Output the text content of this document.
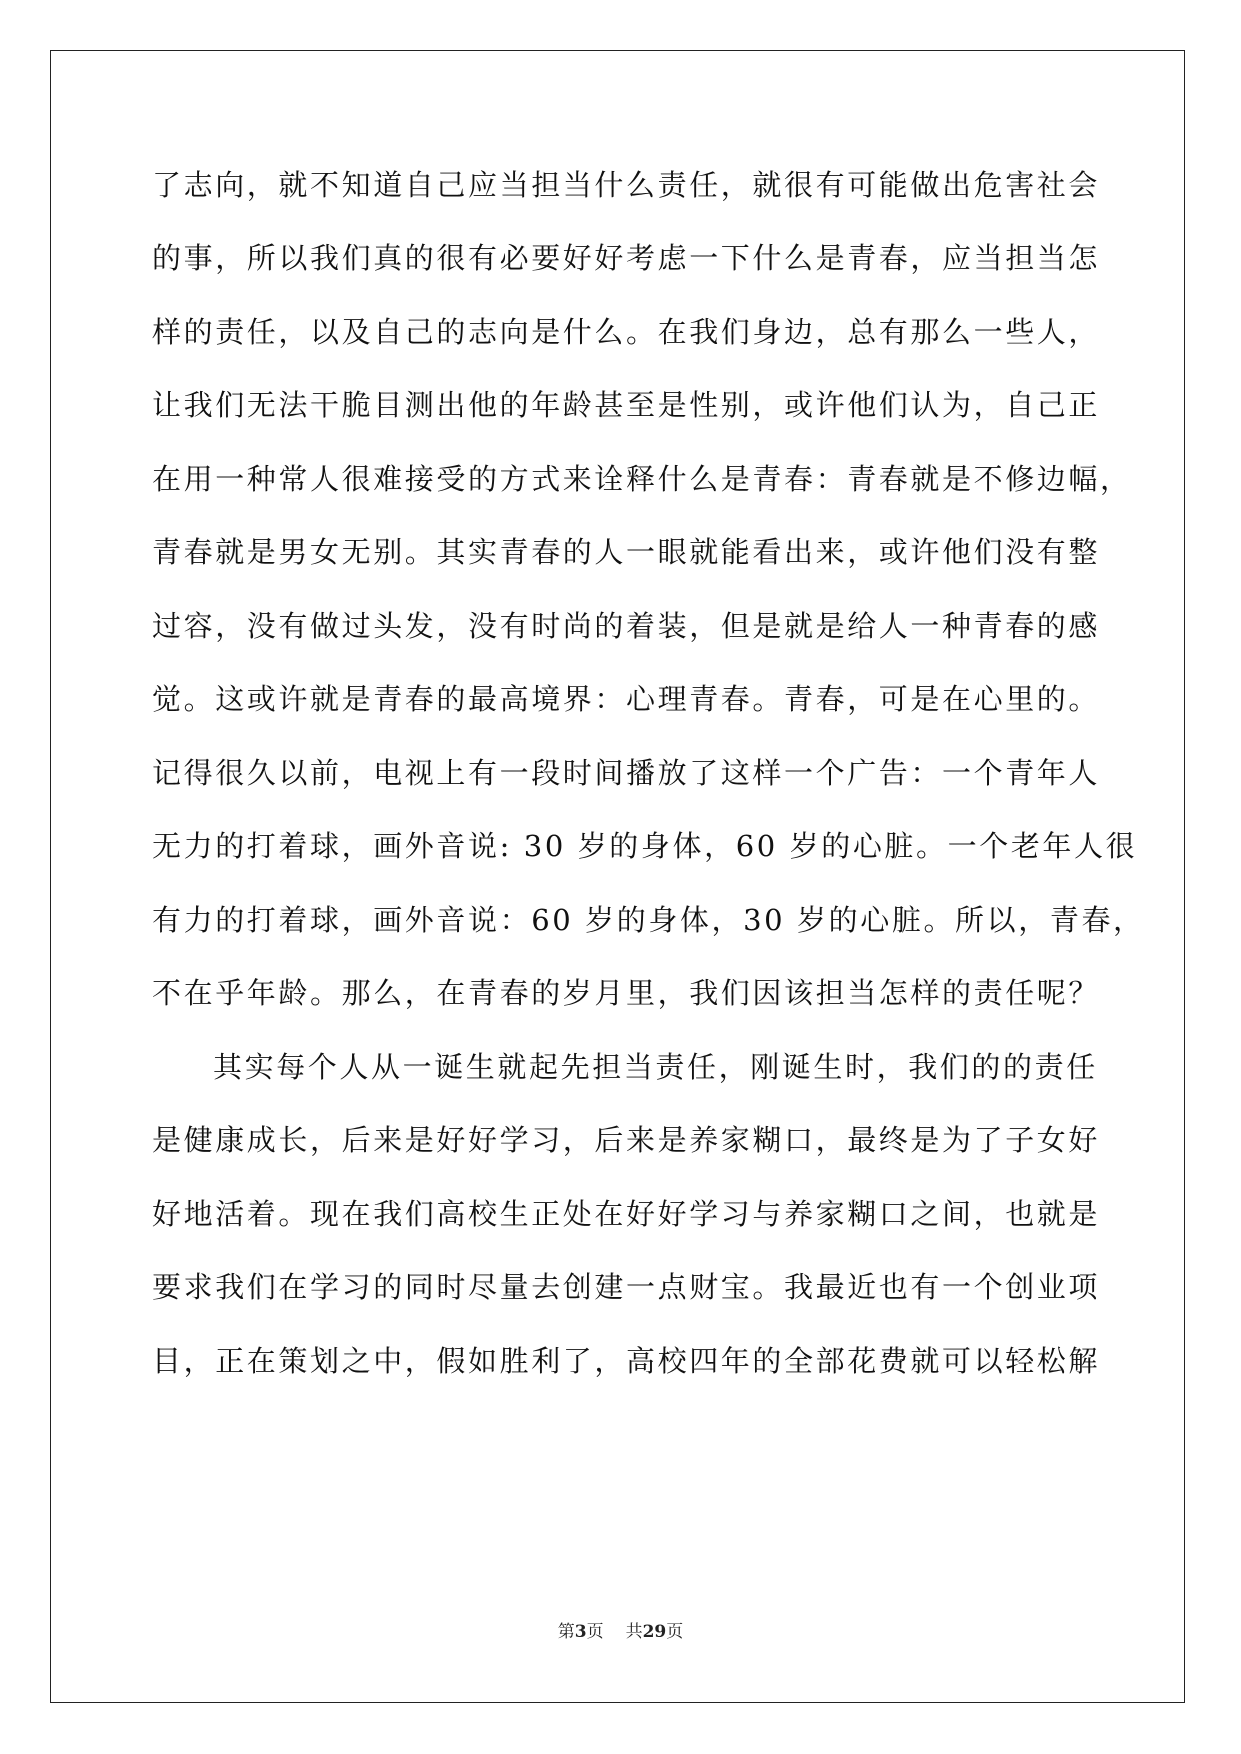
了志向，就不知道自己应当担当什么责任，就很有可能做出危害社会
的事，所以我们真的很有必要好好考虑一下什么是青春，应当担当怎
样的责任，以及自己的志向是什么。在我们身边，总有那么一些人，
让我们无法干脆目测出他的年龄甚至是性别，或许他们认为，自己正
在用一种常人很难接受的方式来诠释什么是青春：青春就是不修边幅，
青春就是男女无别。其实青春的人一眼就能看出来，或许他们没有整
过容，没有做过头发，没有时尚的着装，但是就是给人一种青春的感
觉。这或许就是青春的最高境界：心理青春。青春，可是在心里的。
记得很久以前，电视上有一段时间播放了这样一个广告：一个青年人
无力的打着球，画外音说: 30 岁的身体，60 岁的心脏。一个老年人很
有力的打着球，画外音说：60 岁的身体，30 岁的心脏。所以，青春，
不在乎年龄。那么，在青春的岁月里，我们因该担当怎样的责任呢？
其实每个人从一诞生就起先担当责任，刚诞生时，我们的的责任
是健康成长，后来是好好学习，后来是养家糊口，最终是为了子女好
好地活着。现在我们高校生正处在好好学习与养家糊口之间，也就是
要求我们在学习的同时尽量去创建一点财宝。我最近也有一个创业项
目，正在策划之中，假如胜利了，高校四年的全部花费就可以轻松解
第3页 共29页
